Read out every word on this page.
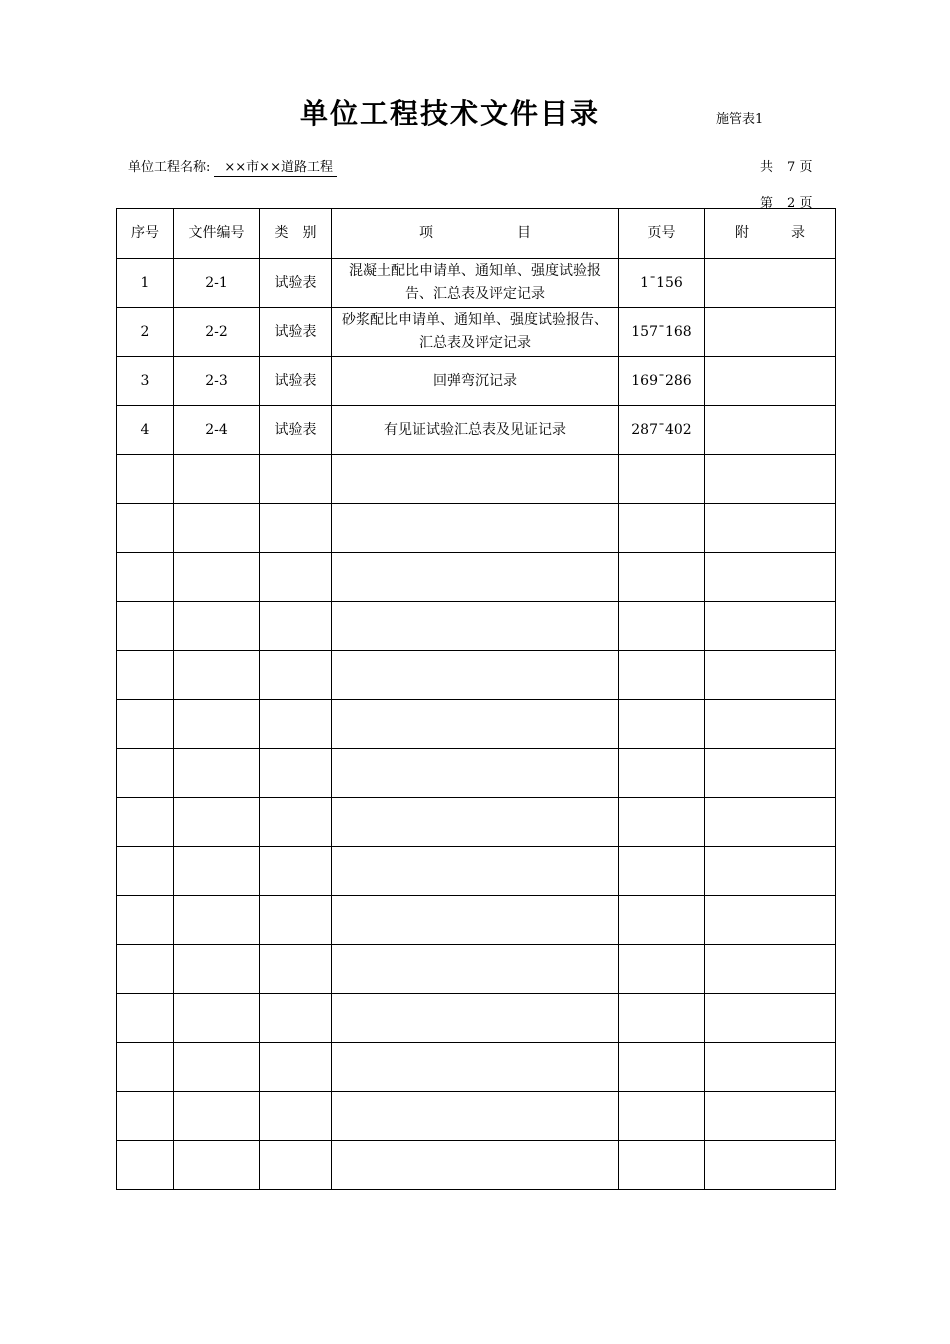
单位工程技术文件目录	施管表1
单位工程名称: ××市××道路工程	共 7 页
第 2 页
序号	文件编号	类　别	项　　　　　　目	页号	附　　　录
1	2-1	试验表	混凝土配比申请单、通知单、强度试验报告、汇总表及评定记录	1¯156	
2	2-2	试验表	砂浆配比申请单、通知单、强度试验报告、汇总表及评定记录	157¯168	
3	2-3	试验表	回弹弯沉记录	169¯286	
4	2-4	试验表	有见证试验汇总表及见证记录	287¯402	
